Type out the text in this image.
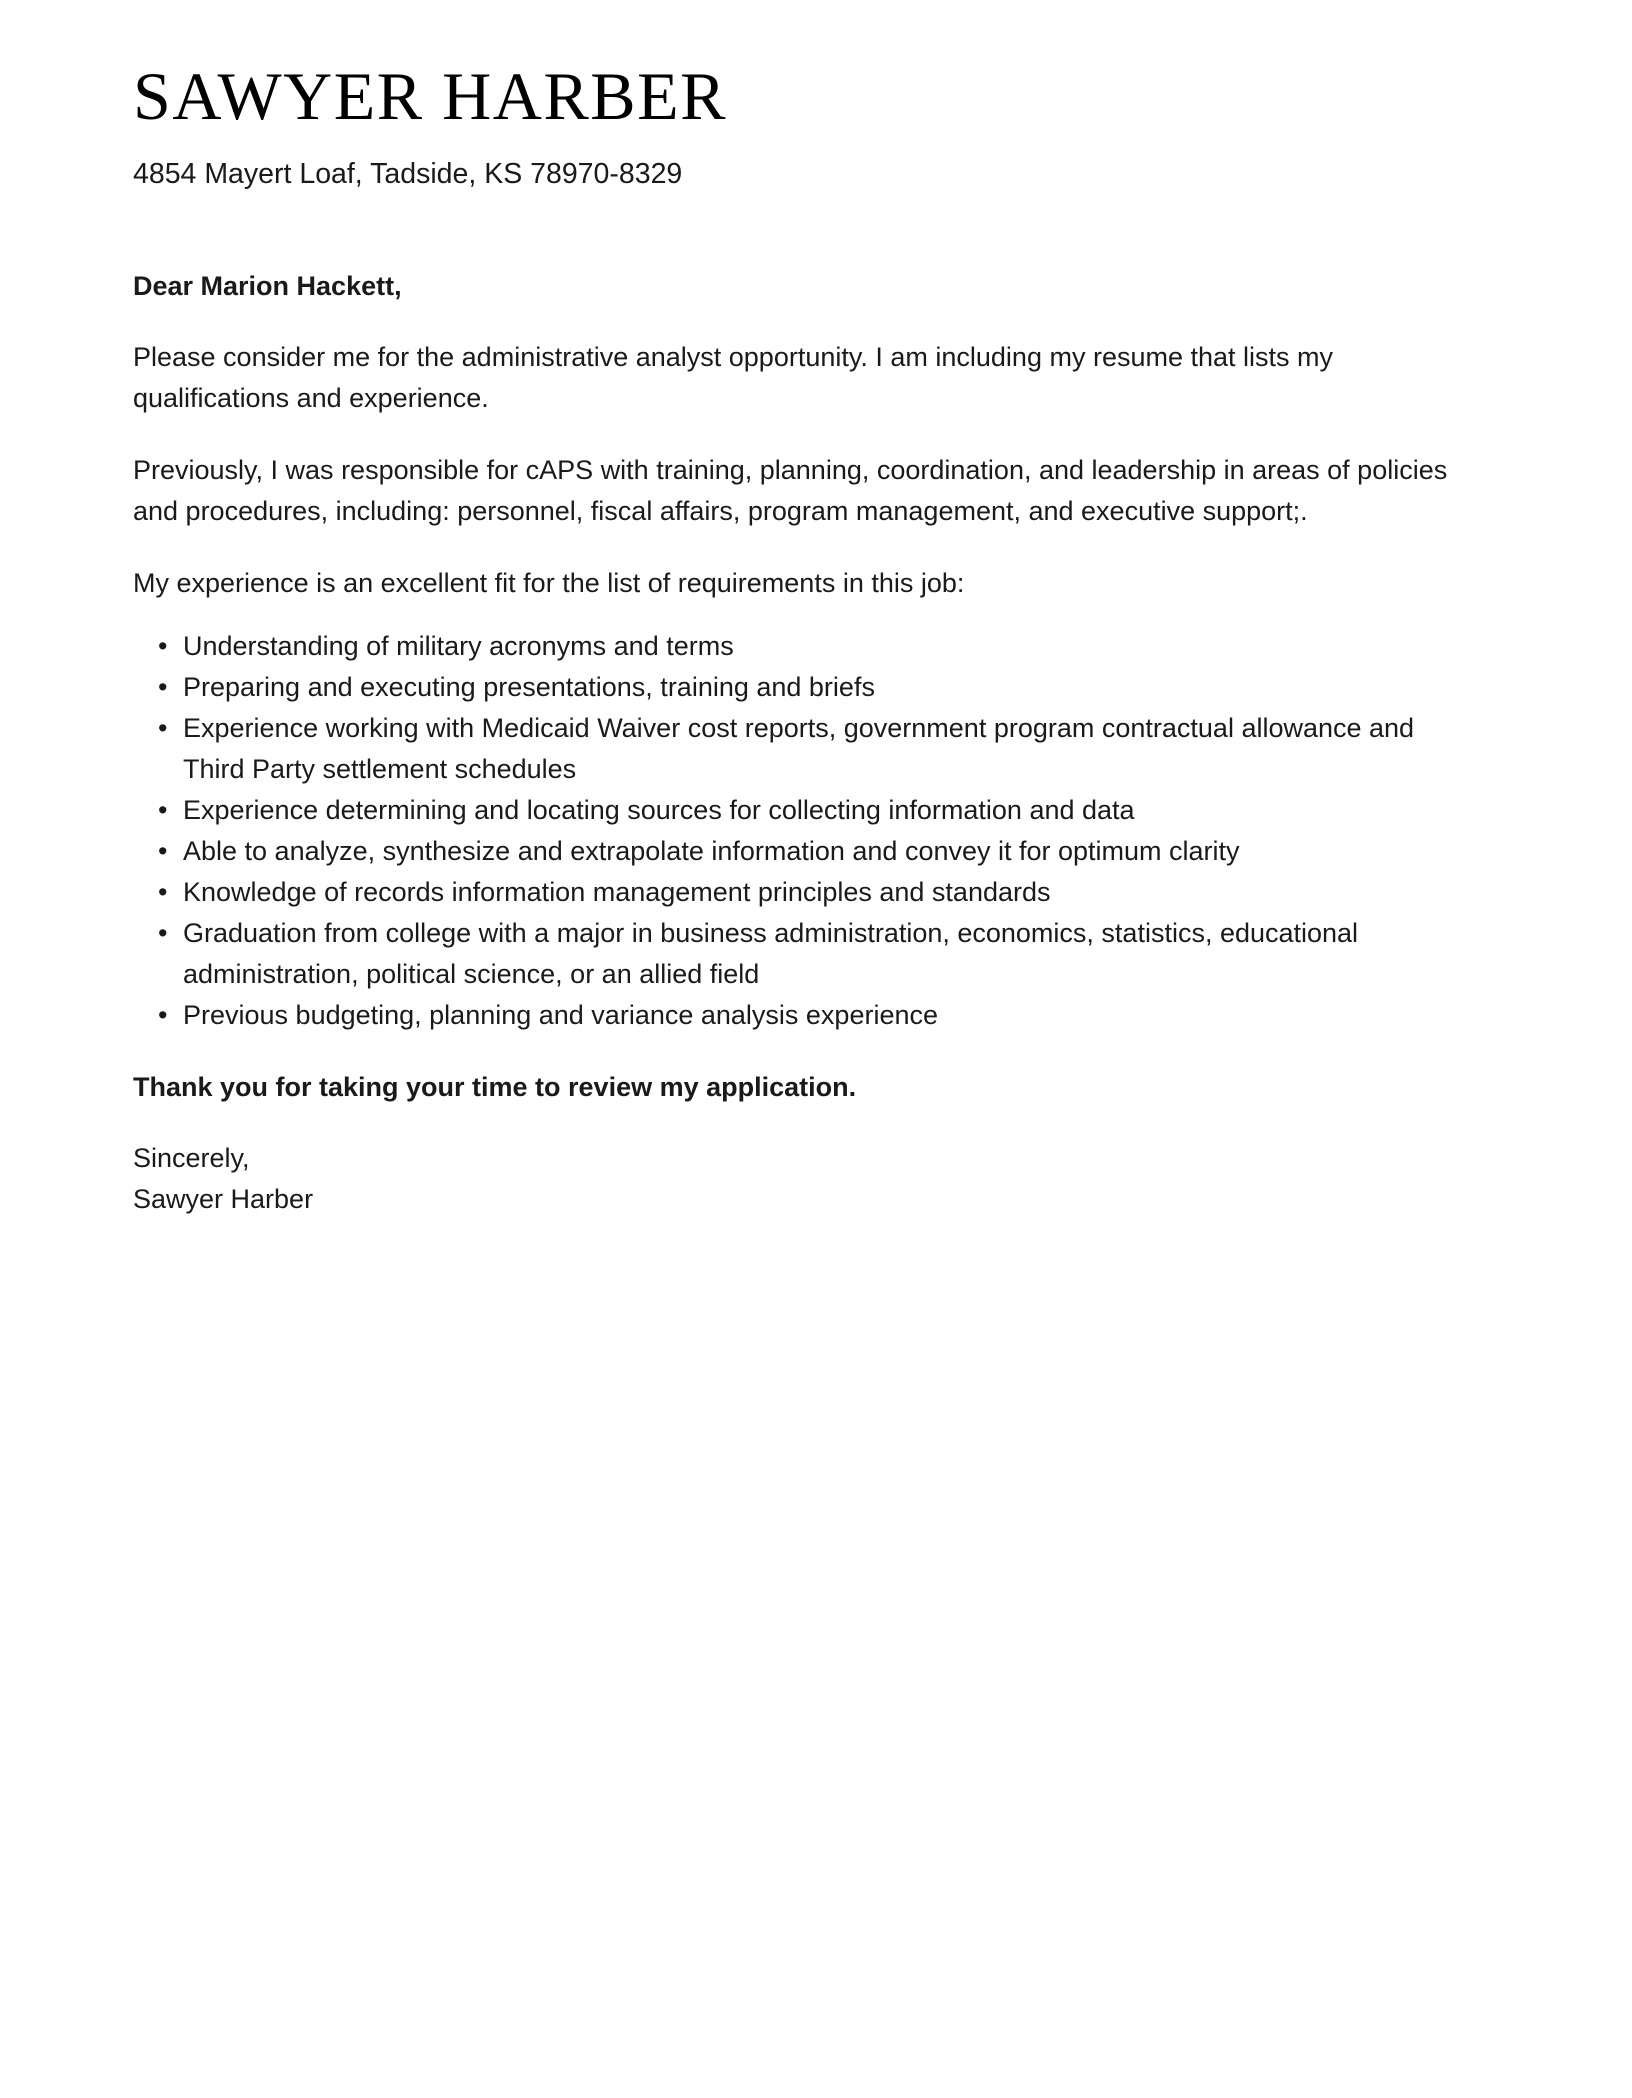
SAWYER HARBER

4854 Mayert Loaf, Tadside, KS 78970-8329

Dear Marion Hackett,

Please consider me for the administrative analyst opportunity. I am including my resume that lists my qualifications and experience.

Previously, I was responsible for cAPS with training, planning, coordination, and leadership in areas of policies and procedures, including: personnel, fiscal affairs, program management, and executive support;.

My experience is an excellent fit for the list of requirements in this job:

• Understanding of military acronyms and terms
• Preparing and executing presentations, training and briefs
• Experience working with Medicaid Waiver cost reports, government program contractual allowance and Third Party settlement schedules
• Experience determining and locating sources for collecting information and data
• Able to analyze, synthesize and extrapolate information and convey it for optimum clarity
• Knowledge of records information management principles and standards
• Graduation from college with a major in business administration, economics, statistics, educational administration, political science, or an allied field
• Previous budgeting, planning and variance analysis experience

Thank you for taking your time to review my application.

Sincerely,
Sawyer Harber
